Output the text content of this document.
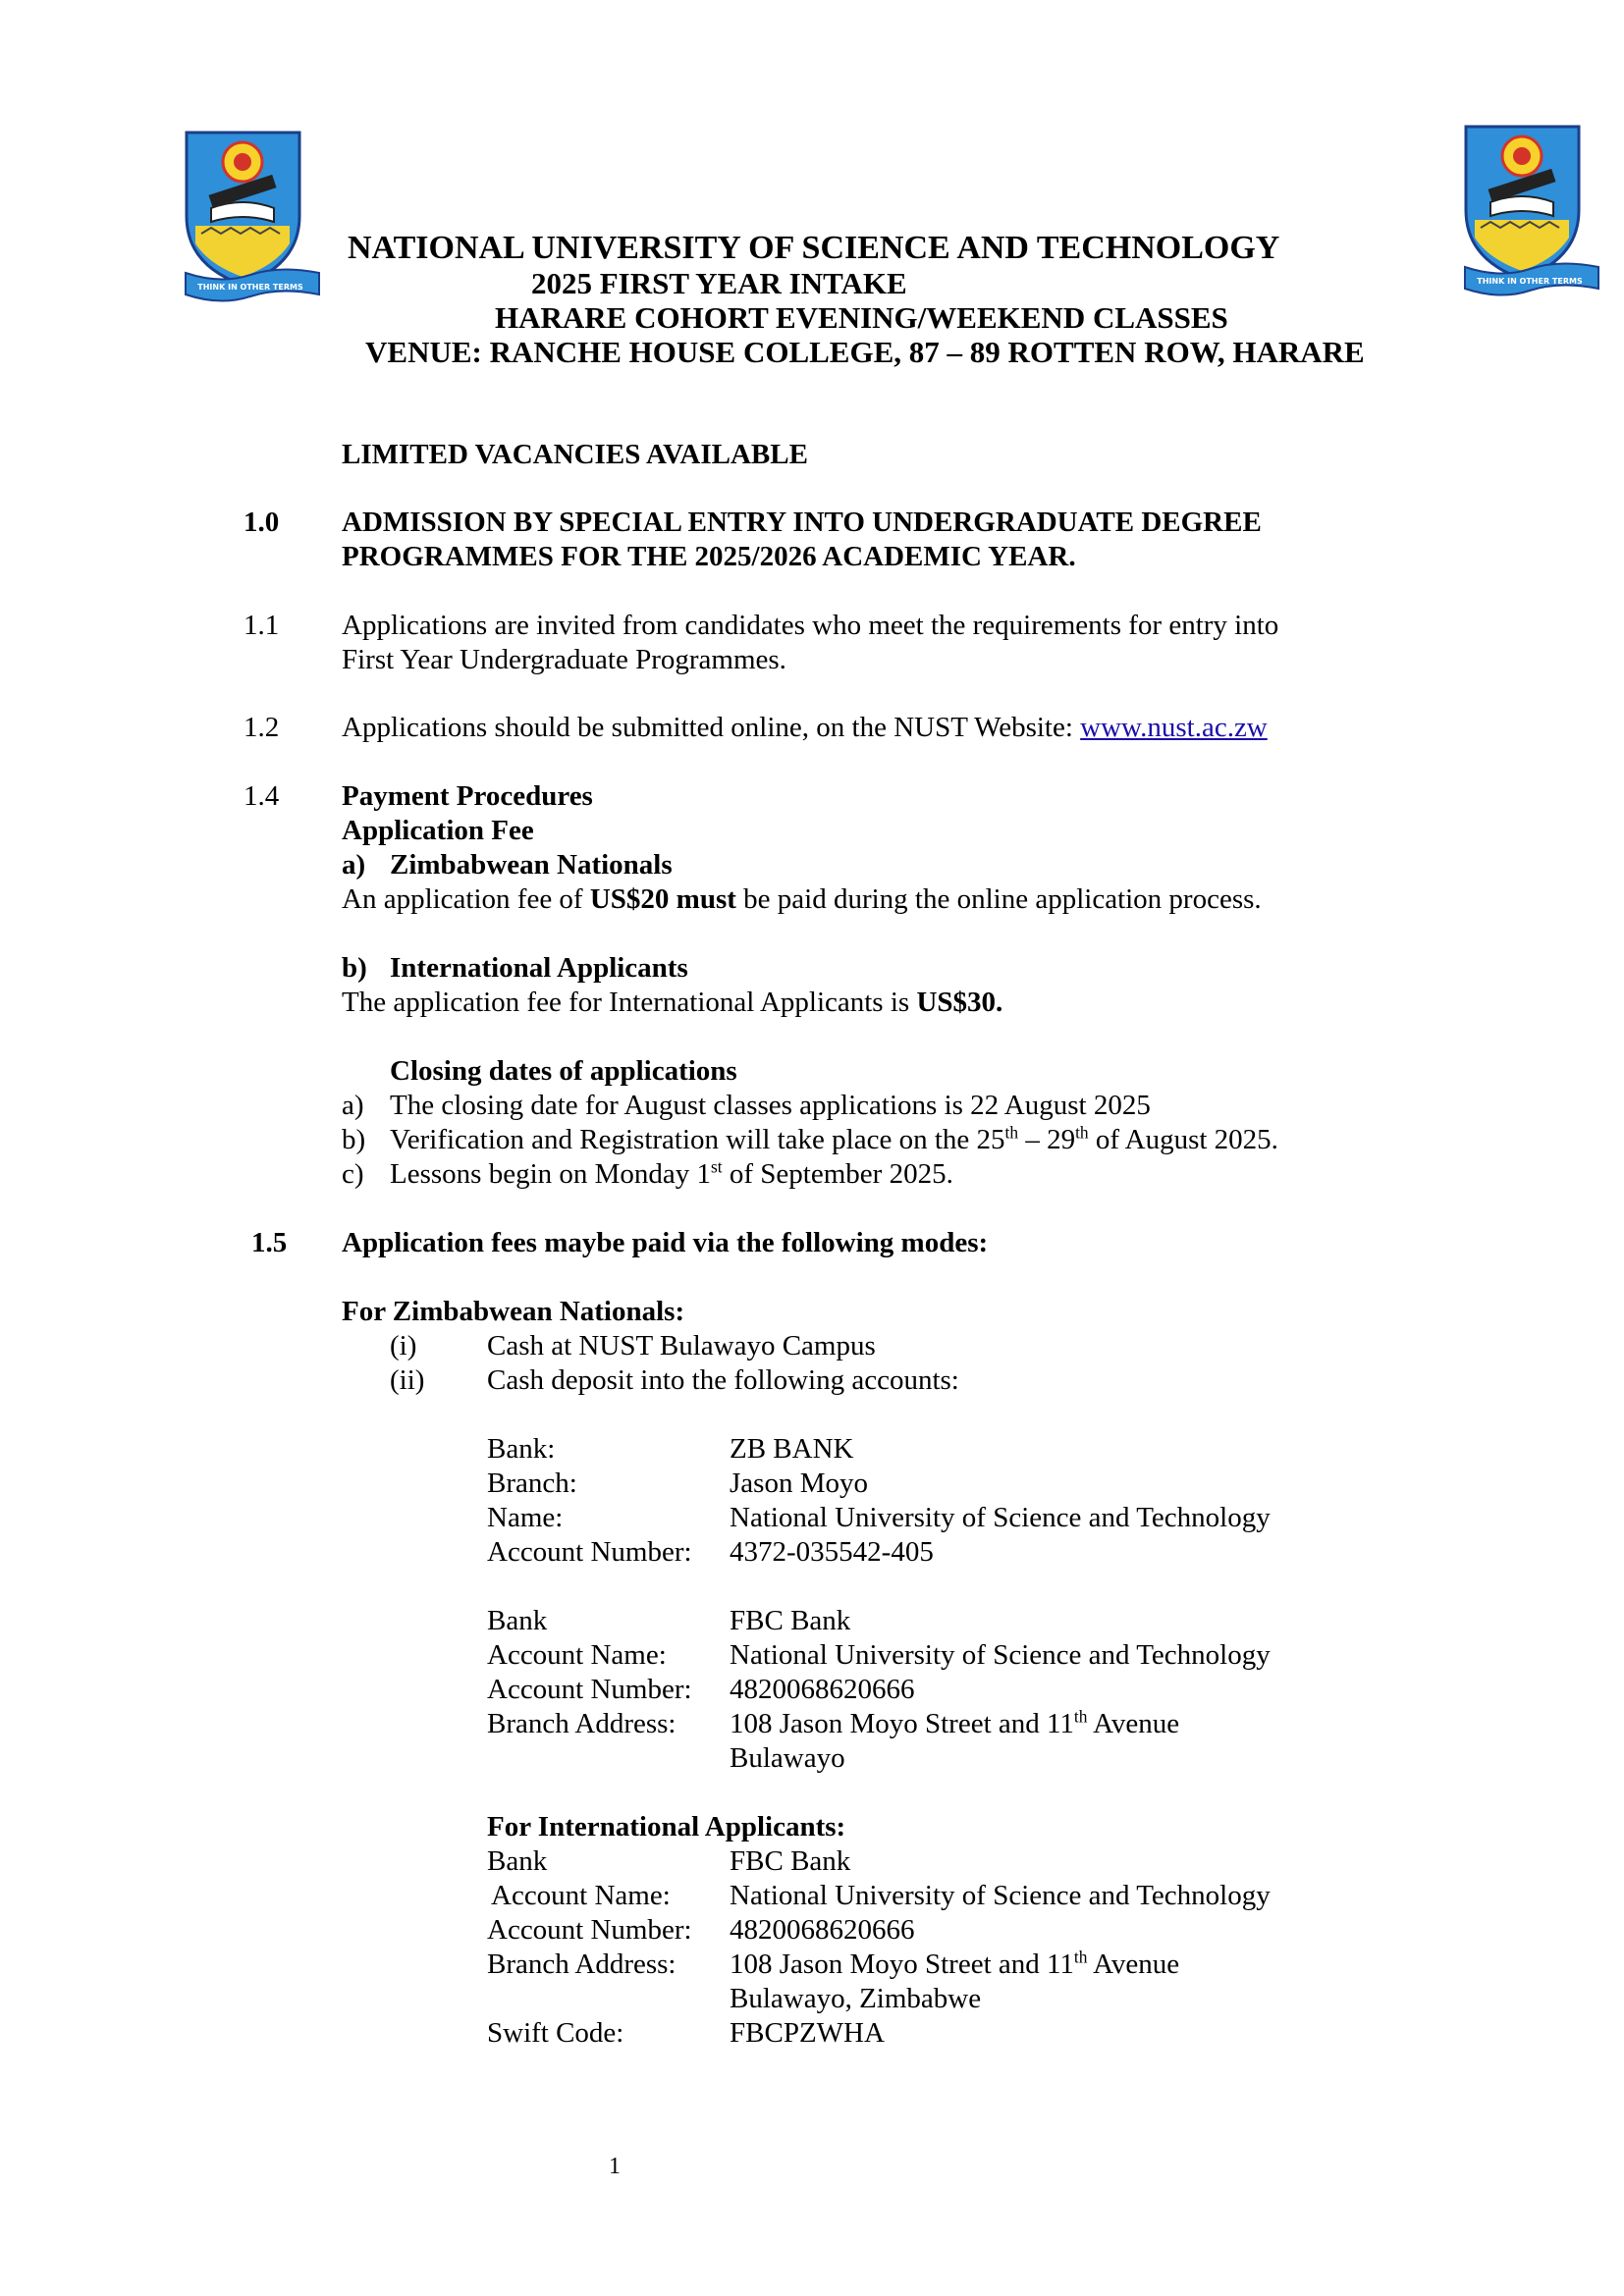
THINK IN OTHER TERMS
THINK IN OTHER TERMS
NATIONAL UNIVERSITY OF SCIENCE AND TECHNOLOGY
2025 FIRST YEAR INTAKE
HARARE COHORT EVENING/WEEKEND CLASSES
VENUE: RANCHE HOUSE COLLEGE, 87 – 89 ROTTEN ROW, HARARE
LIMITED VACANCIES AVAILABLE
1.0 ADMISSION BY SPECIAL ENTRY INTO UNDERGRADUATE DEGREE
PROGRAMMES FOR THE 2025/2026 ACADEMIC YEAR.
1.1 Applications are invited from candidates who meet the requirements for entry into
First Year Undergraduate Programmes.
1.2 Applications should be submitted online, on the NUST Website: www.nust.ac.zw
1.4 Payment Procedures
Application Fee
a) Zimbabwean Nationals
An application fee of US$20 must be paid during the online application process.
b) International Applicants
The application fee for International Applicants is US$30.
Closing dates of applications
a) The closing date for August classes applications is 22 August 2025
b) Verification and Registration will take place on the 25th – 29th of August 2025.
c) Lessons begin on Monday 1st of September 2025.
1.5 Application fees maybe paid via the following modes:
For Zimbabwean Nationals:
(i) Cash at NUST Bulawayo Campus
(ii) Cash deposit into the following accounts:
Bank:	ZB BANK
Branch:	Jason Moyo
Name:	National University of Science and Technology
Account Number: 4372-035542-405
Bank	FBC Bank
Account Name: National University of Science and Technology
Account Number: 4820068620666
Branch Address: 108 Jason Moyo Street and 11th Avenue
Bulawayo
For International Applicants:
Bank	FBC Bank
Account Name: National University of Science and Technology
Account Number: 4820068620666
Branch Address: 108 Jason Moyo Street and 11th Avenue
Bulawayo, Zimbabwe
Swift Code:	FBCPZWHA
1
